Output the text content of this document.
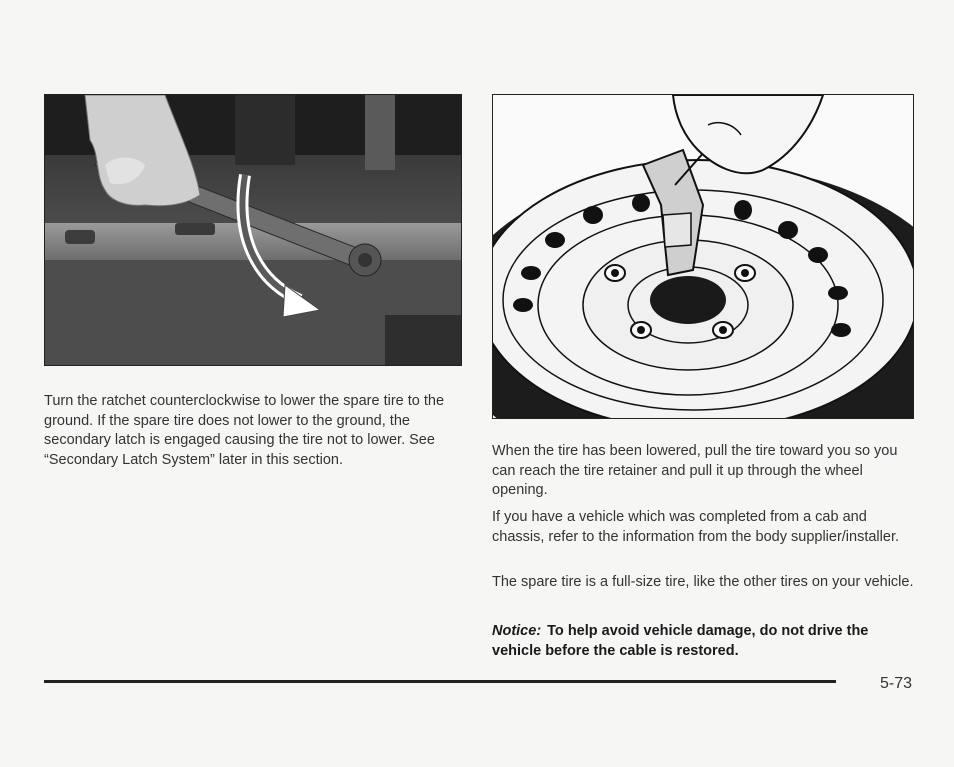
Turn the ratchet counterclockwise to lower the spare tire to the ground. If the spare tire does not lower to the ground, the secondary latch is engaged causing the tire not to lower. See “Secondary Latch System” later in this section.

When the tire has been lowered, pull the tire toward you so you can reach the tire retainer and pull it up through the wheel opening.

If you have a vehicle which was completed from a cab and chassis, refer to the information from the body supplier/installer.

The spare tire is a full-size tire, like the other tires on your vehicle.

Notice: To help avoid vehicle damage, do not drive the vehicle before the cable is restored.

5-73
